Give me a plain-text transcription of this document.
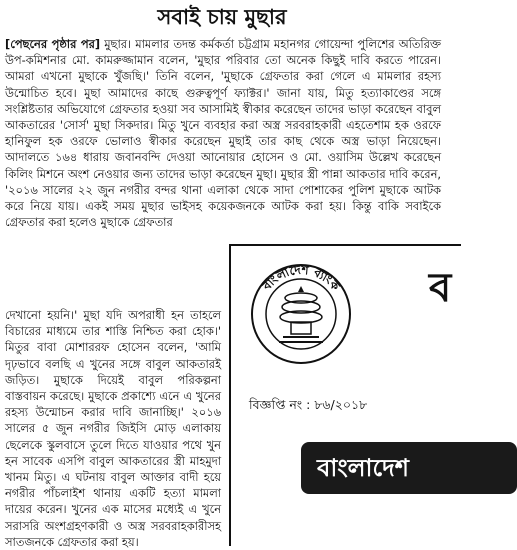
সবাই চায় মুছার

[পেছনের পৃষ্ঠার পর] মুছার। মামলার তদন্ত কর্মকর্তা চট্টগ্রাম মহানগর গোয়েন্দা পুলিশের অতিরিক্ত উপ-কমিশনার মো. কামরুজ্জামান বলেন, 'মুছার পরিবার তো অনেক কিছুই দাবি করতে পারেন। আমরা এখনো মুছাকে খুঁজছি।' তিনি বলেন, 'মুছাকে গ্রেফতার করা গেলে এ মামলার রহস্য উন্মোচিত হবে। মুছা আমাদের কাছে গুরুত্বপূর্ণ ফ্যাক্টর।' জানা যায়, মিতু হত্যাকাণ্ডের সঙ্গে সংশ্লিষ্টতার অভিযোগে গ্রেফতার হওয়া সব আসামিই স্বীকার করেছেন তাদের ভাড়া করেছেন বাবুল আকতারের 'সোর্স' মুছা সিকদার। মিতু খুনে ব্যবহার করা অস্ত্র সরবরাহকারী এহতেশাম হক ওরফে হানিফুল হক ওরফে ভোলাও স্বীকার করেছেন মুছাই তার কাছ থেকে অস্ত্র ভাড়া নিয়েছেন। আদালতে ১৬৪ ধারায় জবানবন্দি দেওয়া আনোয়ার হোসেন ও মো. ওয়াসিম উল্লেখ করেছেন কিলিং মিশনে অংশ নেওয়ার জন্য তাদের ভাড়া করেছেন মুছা। মুছার স্ত্রী পান্না আকতার দাবি করেন, '২০১৬ সালের ২২ জুন নগরীর বন্দর থানা এলাকা থেকে সাদা পোশাকের পুলিশ মুছাকে আটক করে নিয়ে যায়। একই সময় মুছার ভাইসহ কয়েকজনকে আটক করা হয়। কিন্তু বাকি সবাইকে গ্রেফতার করা হলেও মুছাকে গ্রেফতার

দেখানো হয়নি।' মুছা যদি অপরাধী হন তাহলে বিচারের মাধ্যমে তার শাস্তি নিশ্চিত করা হোক।' মিতুর বাবা মোশাররফ হোসেন বলেন, 'আমি দৃঢ়ভাবে বলছি এ খুনের সঙ্গে বাবুল আকতারই জড়িত। মুছাকে দিয়েই বাবুল পরিকল্পনা বাস্তবায়ন করেছে। মুছাকে প্রকাশ্যে এনে এ খুনের রহস্য উন্মোচন করার দাবি জানাচ্ছি।' ২০১৬ সালের ৫ জুন নগরীর জিইসি মোড় এলাকায় ছেলেকে স্কুলবাসে তুলে দিতে যাওয়ার পথে খুন হন সাবেক এসপি বাবুল আকতারের স্ত্রী মাহমুদা খানম মিতু। এ ঘটনায় বাবুল আক্তার বাদী হয়ে নগরীর পাঁচলাইশ থানায় একটি হত্যা মামলা দায়ের করেন। খুনের এক মাসের মধ্যেই এ খুনে সরাসরি অংশগ্রহণকারী ও অস্ত্র সরবরাহকারীসহ সাতজনকে গ্রেফতার করা হয়।

বাংলাদেশ ব্যাংক ব
বিজ্ঞপ্তি নং : ৮৬/২০১৮
বাংলাদেশ
